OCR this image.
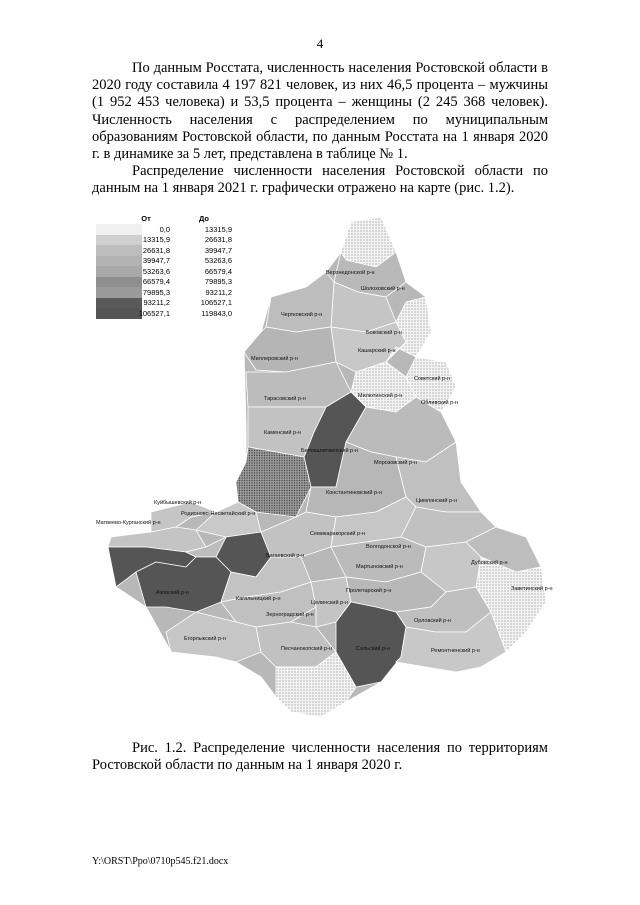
4

По данным Росстата, численность населения Ростовской области в 2020 году составила 4 197 821 человек, из них 46,5 процента – мужчины (1 952 453 человека) и 53,5 процента – женщины (2 245 368 человек). Численность населения с распределением по муниципальным образованиям Ростовской области, по данным Росстата на 1 января 2020 г. в динамике за 5 лет, представлена в таблице № 1.

Распределение численности населения Ростовской области по данным на 1 января 2021 г. графически отражено на карте (рис. 1.2).

Верхнедонской р-н
Шолоховский р-н
Чертковский р-н
Боковский р-н
Кашарский р-н
Миллеровский р-н
Советский р-н
Обливский р-н
Милютинский р-н
Тарасовский р-н
Каменский р-н
Белокалитвинский р-н
Морозовский р-н
Константиновский р-н
Цимлянский р-н
Куйбышевский р-н
Родионово-Несветайский р-н
Матвеево-Курганский р-н
Семикаракорский р-н
Волгодонской р-н
Дубовский р-н
Багаевский р-н
Мартыновский р-н
Заветинский р-н
Азовский р-н
Кагальницкий р-н
Зерноградский р-н
Орловский р-н
Целинский р-н
Егорлыкский р-н
Сальский р-н
Песчанокопский р-н	Ремонтненский р-н
Пролетарский р-н
От	До
0,0	13315,9
13315,9	26631,8
26631,8	39947,7
39947,7	53263,6
53263,6	66579,4
66579,4	79895,3
79895,3	93211,2
93211,2	106527,1
106527,1	119843,0

Рис. 1.2. Распределение численности населения по территориям Ростовской области по данным на 1 января 2020 г.

Y:\ORST\Ppo\0710p545.f21.docx
